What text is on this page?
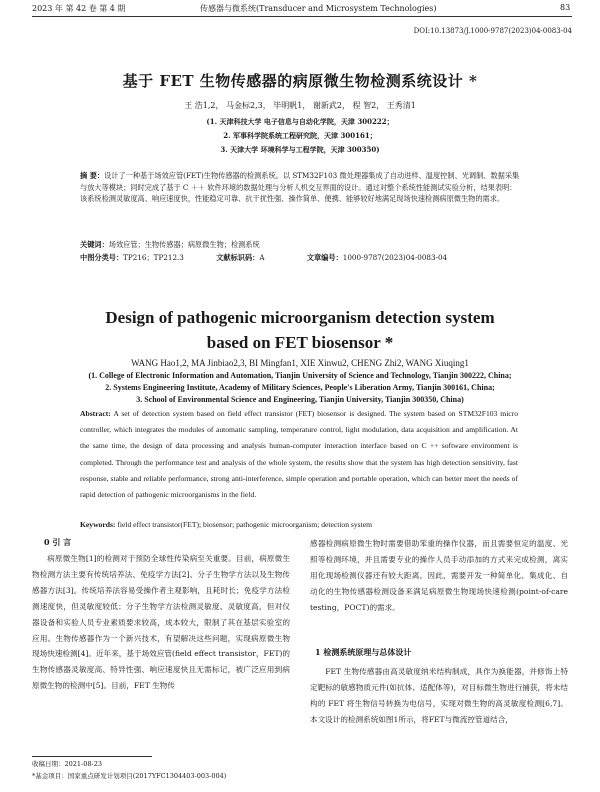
2023 年 第 42 卷 第 4 期	传感器与微系统(Transducer and Microsystem Technologies)	83
DOI:10.13873/J.1000-9787(2023)04-0083-04
基于 FET 生物传感器的病原微生物检测系统设计 *
王 浩1,2， 马金标2,3， 毕明帆1， 谢新武2， 程 智2， 王秀清1
(1. 天津科技大学 电子信息与自动化学院，天津 300222；
2. 军事科学院系统工程研究院，天津 300161；
3. 天津大学 环境科学与工程学院，天津 300350)
摘 要：设计了一种基于场效应管(FET)生物传感器的检测系统。以 STM32F103 微处理器集成了自动进样、温度控制、光调制、数据采集与放大等模块；同时完成了基于 C ＋＋ 软件环境的数据处理与分析人机交互界面的设计。通过对整个系统性能测试实验分析，结果表明：该系统检测灵敏度高、响应速度快，性能稳定可靠、抗干扰性强、操作简单、便携、能够较好地满足现场快速检测病原微生物的需求。
关键词：场效应管；生物传感器；病原微生物；检测系统
中图分类号：TP216；TP212.3	文献标识码：A	文章编号：1000-9787(2023)04-0083-04
Design of pathogenic microorganism detection system
based on FET biosensor *
WANG Hao1,2, MA Jinbiao2,3, BI Mingfan1, XIE Xinwu2, CHENG Zhi2, WANG Xiuqing1
(1. College of Electronic Information and Automation, Tianjin University of Science and Technology, Tianjin 300222, China;
2. Systems Engineering Institute, Academy of Military Sciences, People's Liberation Army, Tianjin 300161, China;
3. School of Environmental Science and Engineering, Tianjin University, Tianjin 300350, China)
Abstract: A set of detection system based on field effect transistor (FET) biosensor is designed. The system based on STM32F103 micro controller, which integrates the modules of automatic sampling, temperature control, light modulation, data acquisition and amplification. At the same time, the design of data processing and analysis human-computer interaction interface based on C ++ software environment is completed. Through the performance test and analysis of the whole system, the results show that the system has high detection sensitivity, fast response, stable and reliable performance, strong anti-interference, simple operation and portable operation, which can better meet the needs of rapid detection of pathogenic microorganisms in the field.
Keywords: field effect transistor(FET); biosensor; pathogenic microorganism; detection system
0 引 言
病原微生物[1]的检测对于预防全球性传染病至关重要。目前，病原微生物检测方法主要有传统培养法、免疫学方法[2]、分子生物学方法以及生物传感器方法[3]。传统培养法容易受操作者主观影响，且耗时长；免疫学方法检测速度快，但灵敏度较低；分子生物学方法检测灵敏度、灵敏度高，但对仪器设备和实验人员专业素质要求较高，成本较大，限制了其在基层实验室的应用。生物传感器作为一个新兴技术，有望解决这些问题，实现病原微生物现场快速检测[4]。近年来，基于场效应管(field effect transistor，FET)的生物传感器灵敏度高、特异性强、响应速度快且无需标记，被广泛应用到病原微生物的检测中[5]。目前，FET 生物传
感器检测病原微生物时需要借助笨重的操作仪器，而且需要恒定的温度、光照等检测环境，并且需要专业的操作人员手动添加的方式来完成检测，离实用化现场检测仪器还有较大距离。因此，需要开发一种简单化、集成化、自动化的生物传感器检测设备来满足病原微生物现场快速检测(point-of-care testing，POCT)的需求。
1 检测系统原理与总体设计
FET 生物传感器由高灵敏度纳米结构制成，具作为换能器，并修饰上特定靶标的敏感物质元件(如抗体、适配体等)，对目标微生物进行捕获，将未结构的 FET 将生物信号转换为电信号，实现对微生物的高灵敏度检测[6,7]。本文设计的检测系统如图1所示，将FET与微流控管道结合，
收稿日期：2021-08-23
*基金项目：国家重点研发计划项目(2017YFC1304403-003-004)
